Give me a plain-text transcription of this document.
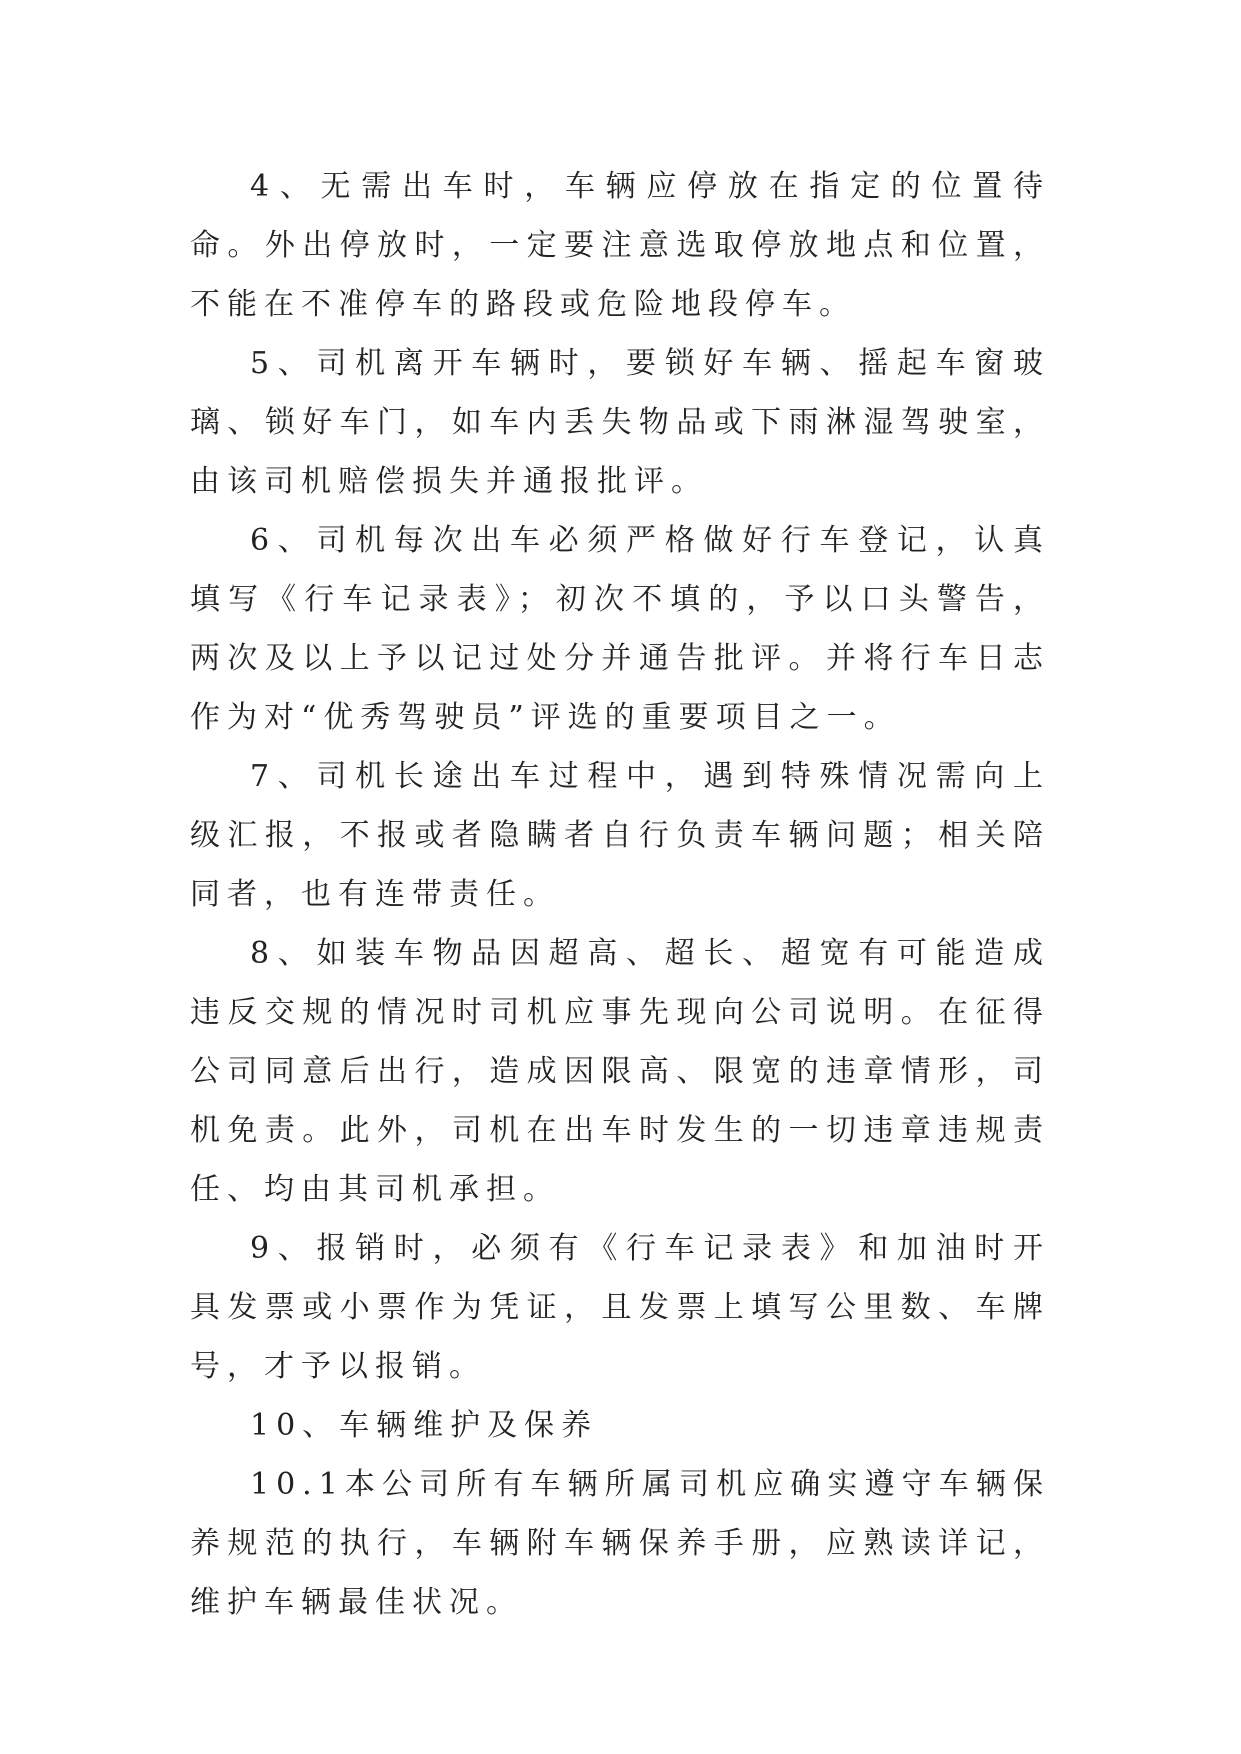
4、无需出车时，车辆应停放在指定的位置待命。外出停放时，一定要注意选取停放地点和位置，不能在不准停车的路段或危险地段停车。

5、司机离开车辆时，要锁好车辆、摇起车窗玻璃、锁好车门，如车内丢失物品或下雨淋湿驾驶室，由该司机赔偿损失并通报批评。

6、司机每次出车必须严格做好行车登记，认真填写《行车记录表》；初次不填的，予以口头警告，两次及以上予以记过处分并通告批评。并将行车日志作为对“优秀驾驶员”评选的重要项目之一。

7、司机长途出车过程中，遇到特殊情况需向上级汇报，不报或者隐瞒者自行负责车辆问题；相关陪同者，也有连带责任。

8、如装车物品因超高、超长、超宽有可能造成违反交规的情况时司机应事先现向公司说明。在征得公司同意后出行，造成因限高、限宽的违章情形，司机免责。此外，司机在出车时发生的一切违章违规责任、均由其司机承担。

9、报销时，必须有《行车记录表》和加油时开具发票或小票作为凭证，且发票上填写公里数、车牌号，才予以报销。

10、车辆维护及保养

10.1本公司所有车辆所属司机应确实遵守车辆保养规范的执行，车辆附车辆保养手册，应熟读详记，维护车辆最佳状况。
